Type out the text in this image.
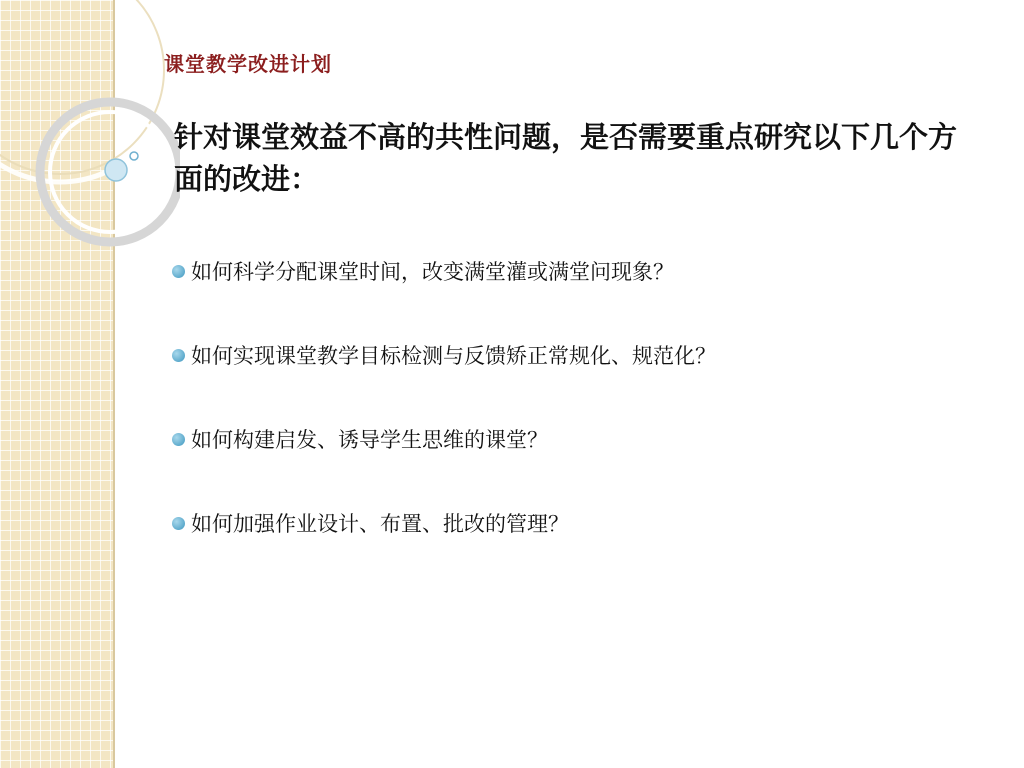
课堂教学改进计划

针对课堂效益不高的共性问题，是否需要重点研究以下几个方面的改进：

如何科学分配课堂时间，改变满堂灌或满堂问现象？
如何实现课堂教学目标检测与反馈矫正常规化、规范化？
如何构建启发、诱导学生思维的课堂？
如何加强作业设计、布置、批改的管理？
